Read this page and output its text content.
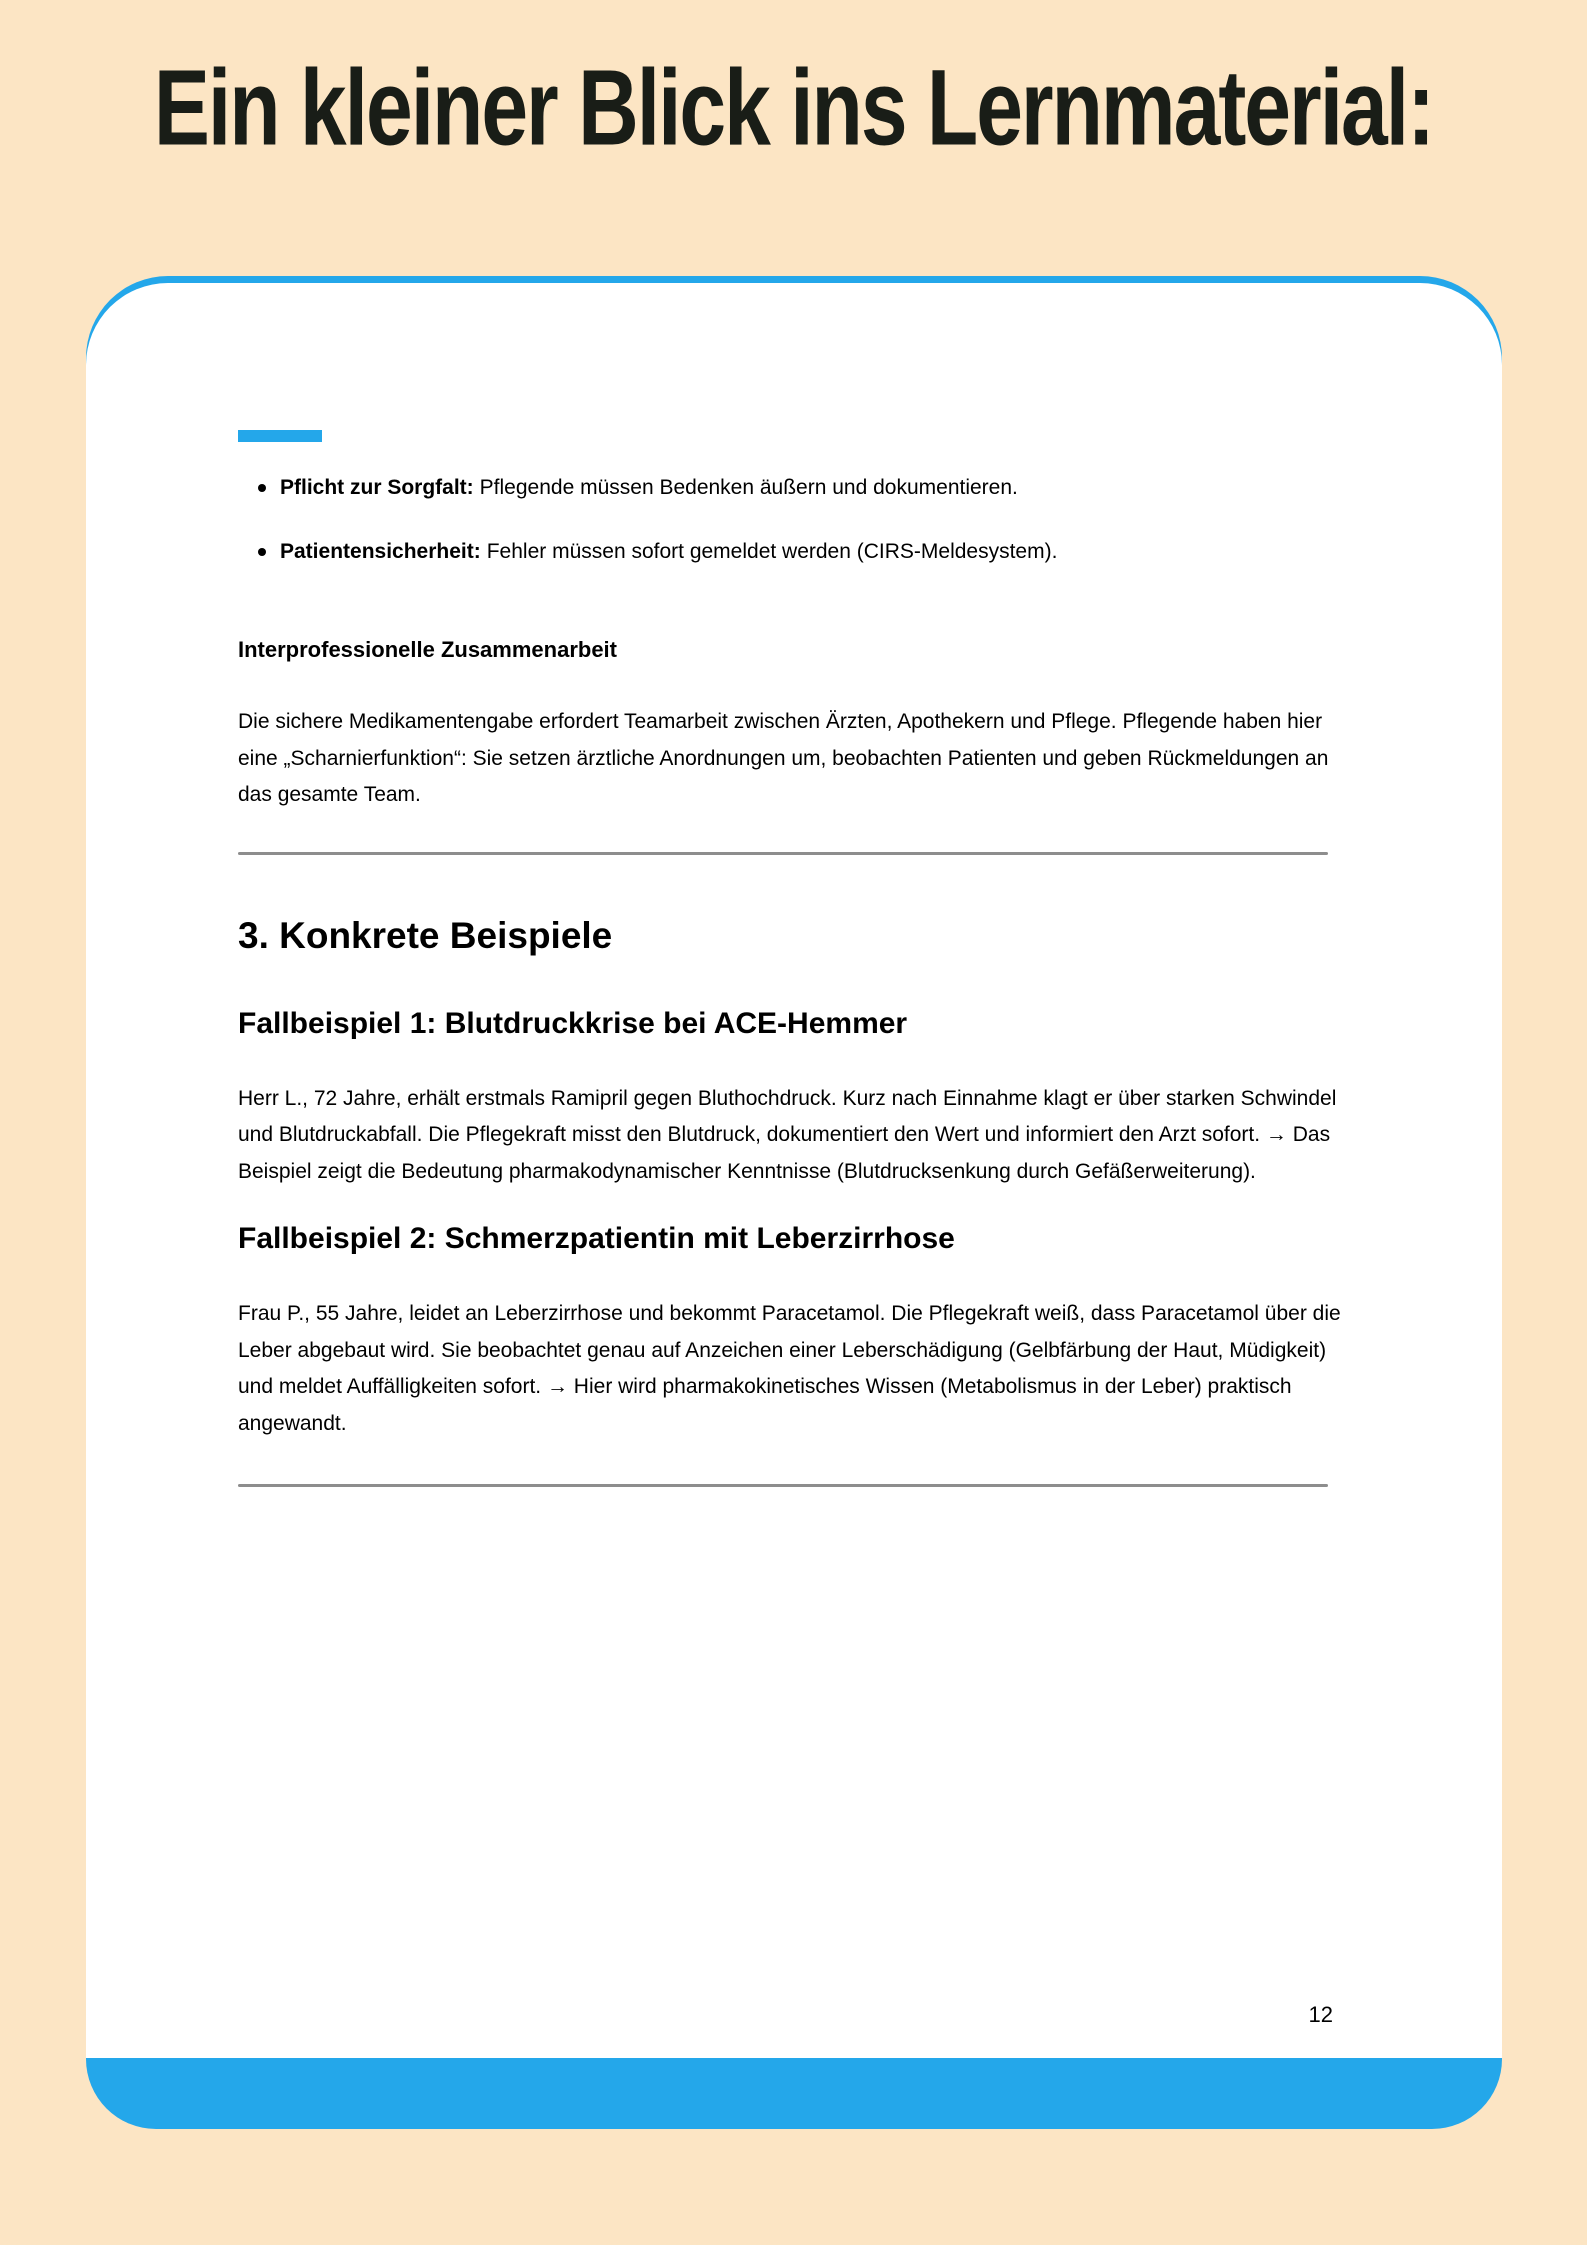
Ein kleiner Blick ins Lernmaterial:
Pflicht zur Sorgfalt: Pflegende müssen Bedenken äußern und dokumentieren.
Patientensicherheit: Fehler müssen sofort gemeldet werden (CIRS-Meldesystem).
Interprofessionelle Zusammenarbeit
Die sichere Medikamentengabe erfordert Teamarbeit zwischen Ärzten, Apothekern und Pflege. Pflegende haben hier eine „Scharnierfunktion“: Sie setzen ärztliche Anordnungen um, beobachten Patienten und geben Rückmeldungen an das gesamte Team.
3. Konkrete Beispiele
Fallbeispiel 1: Blutdruckkrise bei ACE-Hemmer
Herr L., 72 Jahre, erhält erstmals Ramipril gegen Bluthochdruck. Kurz nach Einnahme klagt er über starken Schwindel und Blutdruckabfall. Die Pflegekraft misst den Blutdruck, dokumentiert den Wert und informiert den Arzt sofort. → Das Beispiel zeigt die Bedeutung pharmakodynamischer Kenntnisse (Blutdrucksenkung durch Gefäßerweiterung).
Fallbeispiel 2: Schmerzpatientin mit Leberzirrhose
Frau P., 55 Jahre, leidet an Leberzirrhose und bekommt Paracetamol. Die Pflegekraft weiß, dass Paracetamol über die Leber abgebaut wird. Sie beobachtet genau auf Anzeichen einer Leberschädigung (Gelbfärbung der Haut, Müdigkeit) und meldet Auffälligkeiten sofort. → Hier wird pharmakokinetisches Wissen (Metabolismus in der Leber) praktisch angewandt.
12
